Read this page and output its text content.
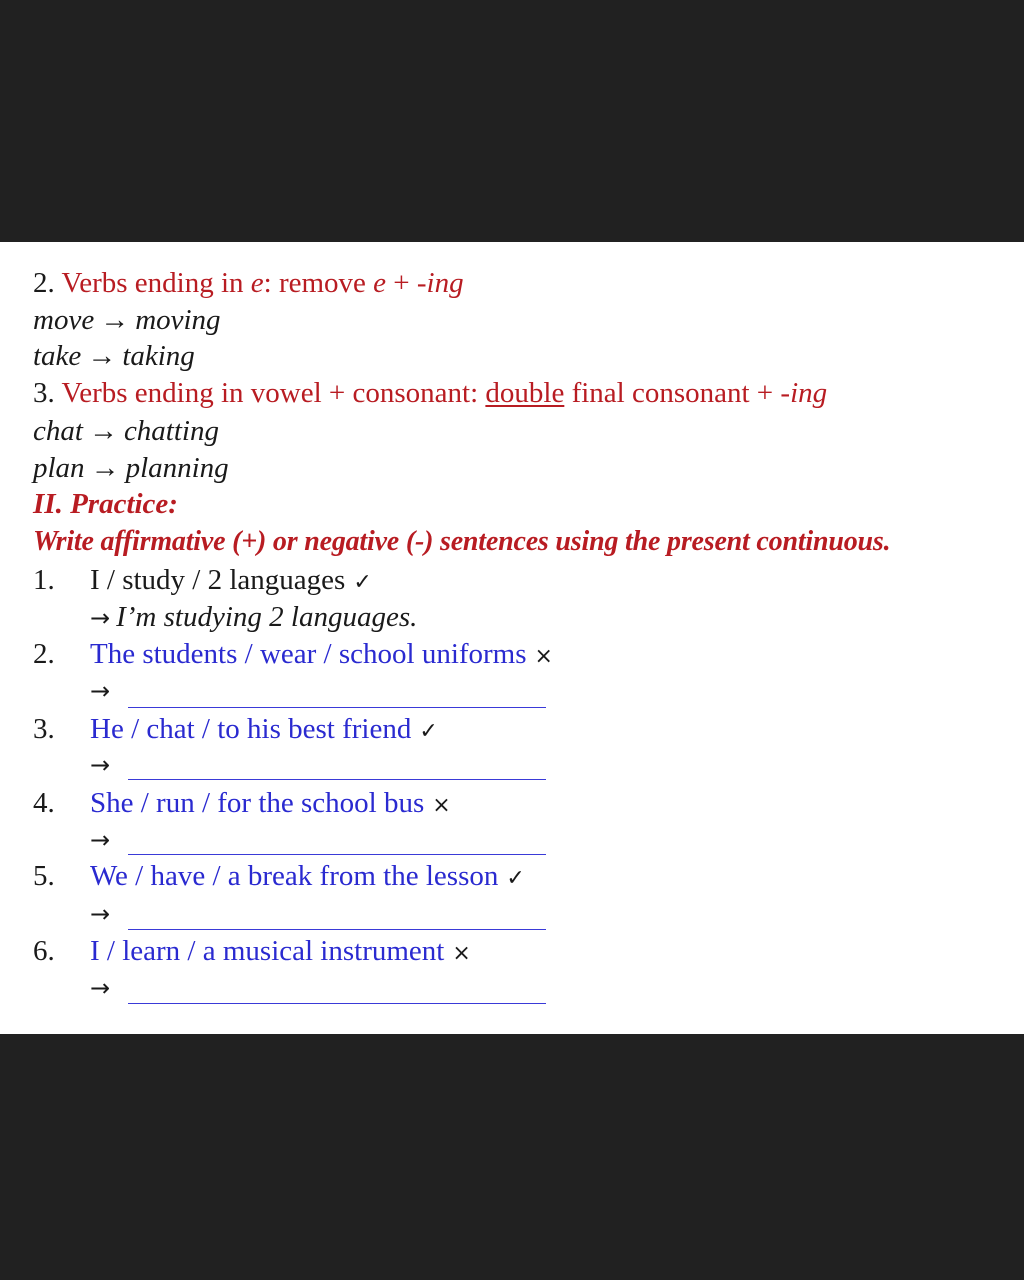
2. Verbs ending in e: remove e + -ing
move → moving
take → taking
3. Verbs ending in vowel + consonant: double final consonant + -ing
chat → chatting
plan → planning
II. Practice:
Write affirmative (+) or negative (-) sentences using the present continuous.
1. I / study / 2 languages ✓
→ I’m studying 2 languages.
2. The students / wear / school uniforms ×
→
3. He / chat / to his best friend ✓
→
4. She / run / for the school bus ×
→
5. We / have / a break from the lesson ✓
→
6. I / learn / a musical instrument ×
→
